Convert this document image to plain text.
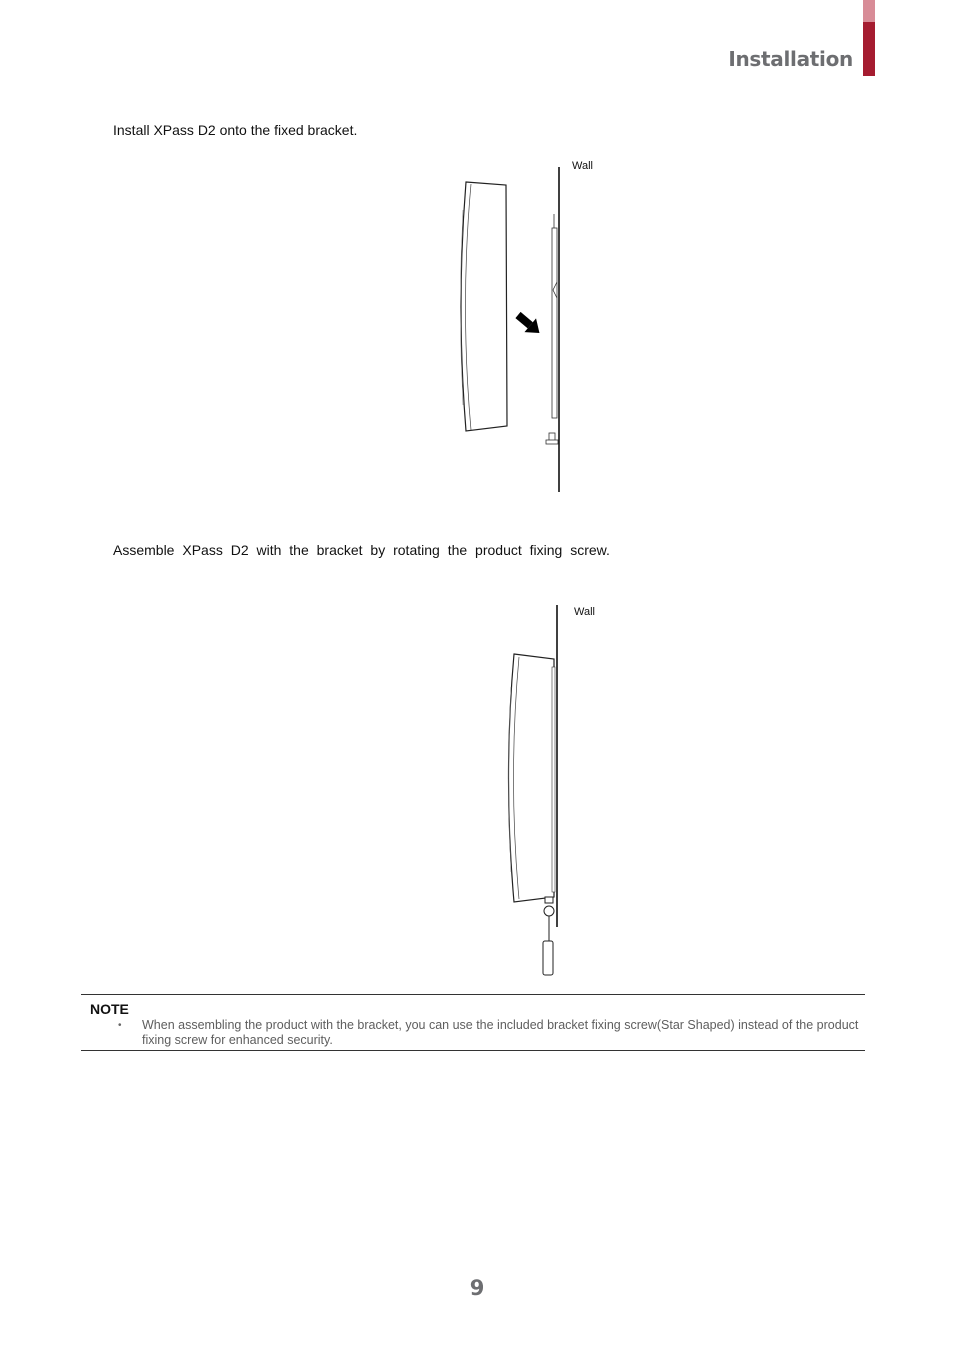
Installation
Install XPass D2 onto the fixed bracket.
Wall
Assemble XPass D2 with the bracket by rotating the product fixing screw.
Wall
NOTE
• When assembling the product with the bracket, you can use the included bracket fixing screw(Star Shaped) instead of the product fixing screw for enhanced security.
9
